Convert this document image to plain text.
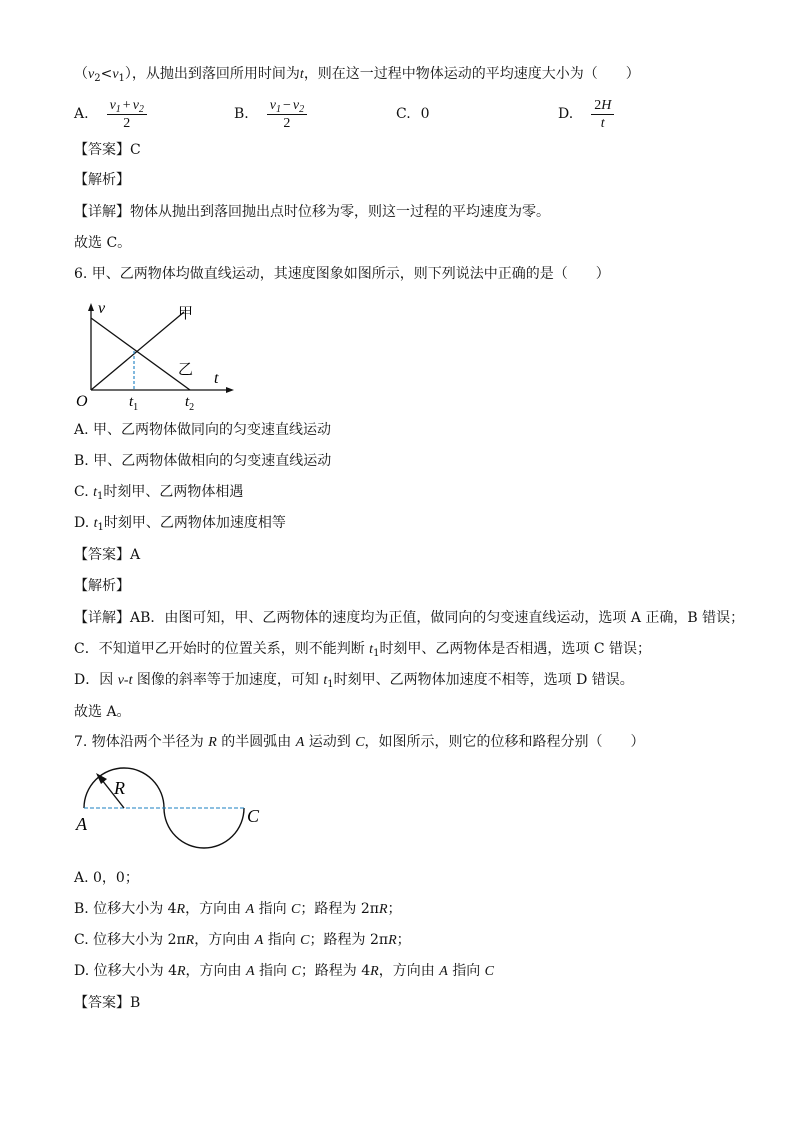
$(v_2<v_1)$，从抛出到落回所用时间为t，则在这一过程中物体运动的平均速度大小为（　　）
A. $\frac{v_1 + v_2}{2}$	B. $\frac{v_1 - v_2}{2}$	C. 0	D. $\frac{2H}{t}$
【答案】C
【解析】
【详解】物体从抛出到落回抛出点时位移为零，则这一过程的平均速度为零。
故选 C。
6. 甲、乙两物体均做直线运动，其速度图象如图所示，则下列说法中正确的是（　　）
v	甲
乙 t
O	$t_1$	$t_2$
A. 甲、乙两物体做同向的匀变速直线运动
B. 甲、乙两物体做相向的匀变速直线运动
C. $t_1$时刻甲、乙两物体相遇
D. $t_1$时刻甲、乙两物体加速度相等
【答案】A
【解析】
【详解】AB．由图可知，甲、乙两物体的速度均为正值，做同向的匀变速直线运动，选项 A 正确，B 错误；
C．不知道甲乙开始时的位置关系，则不能判断 $t_1$时刻甲、乙两物体是否相遇，选项 C 错误；
D．因 v-t 图像的斜率等于加速度，可知 $t_1$时刻甲、乙两物体加速度不相等，选项 D 错误。
故选 A。
7. 物体沿两个半径为 R 的半圆弧由 A 运动到 C，如图所示，则它的位移和路程分别（　　）
R
A	C
A. 0，0；
B. 位移大小为 4R，方向由 A 指向 C；路程为 2πR；
C. 位移大小为 2πR，方向由 A 指向 C；路程为 2πR；
D. 位移大小为 4R，方向由 A 指向 C；路程为 4R，方向由 A 指向 C
【答案】B
